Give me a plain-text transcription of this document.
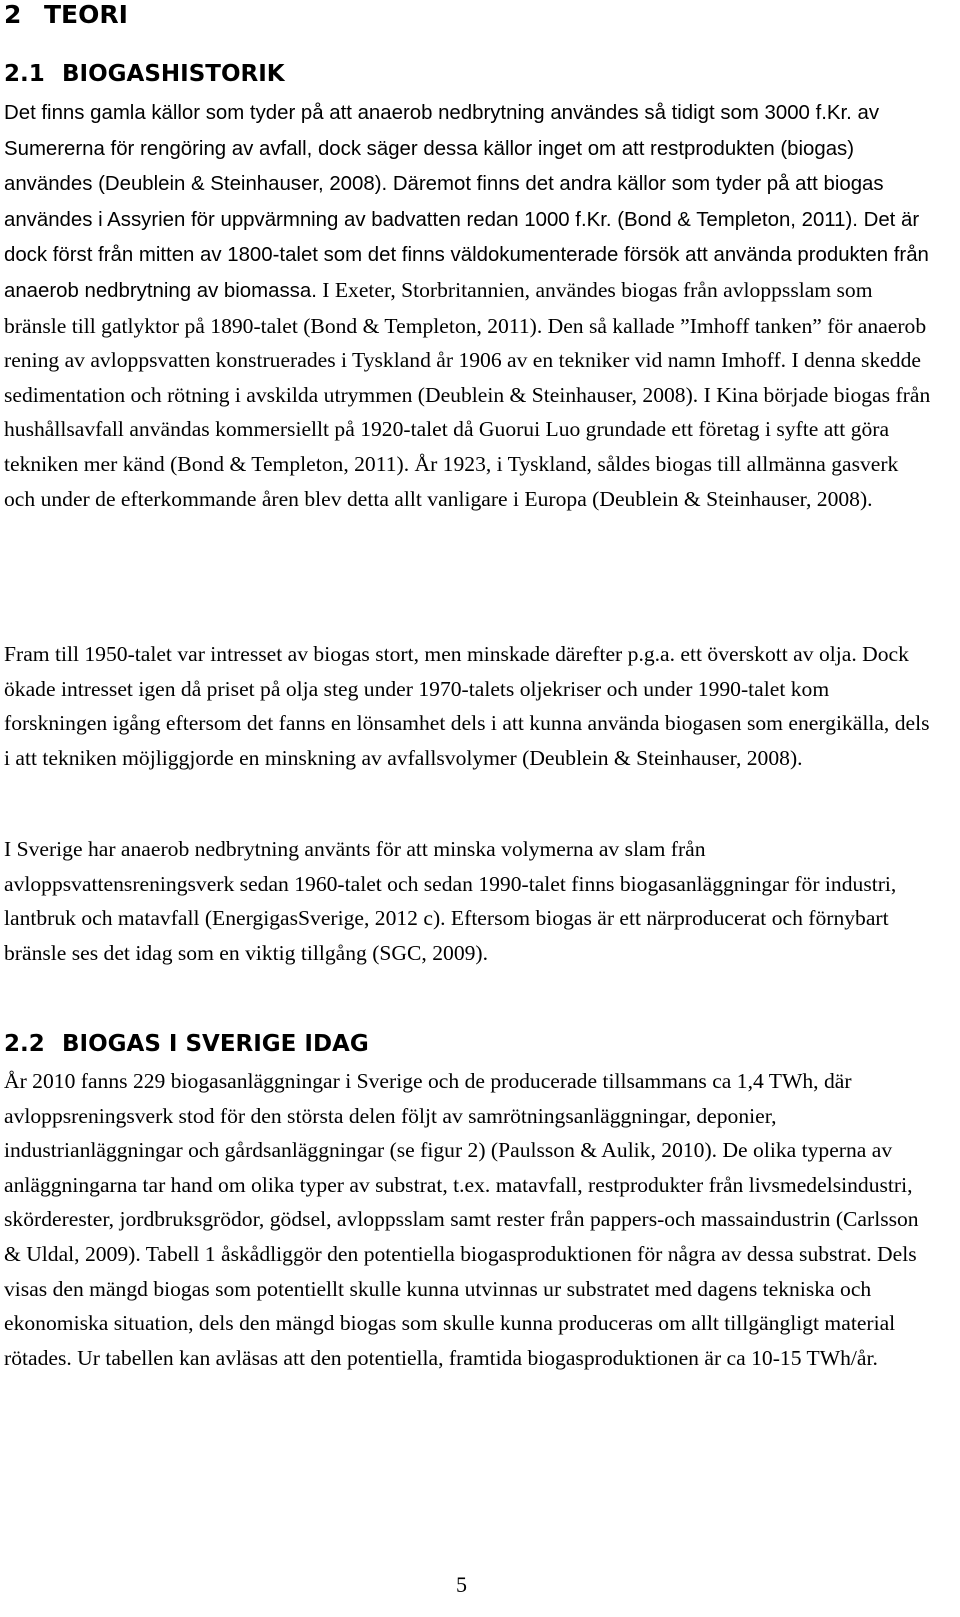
2 TEORI
2.1 BIOGASHISTORIK

Det finns gamla källor som tyder på att anaerob nedbrytning användes så tidigt som 3000 f.Kr. av Sumererna för rengöring av avfall, dock säger dessa källor inget om att restprodukten (biogas) användes (Deublein & Steinhauser, 2008). Däremot finns det andra källor som tyder på att biogas användes i Assyrien för uppvärmning av badvatten redan 1000 f.Kr. (Bond & Templeton, 2011). Det är dock först från mitten av 1800-talet som det finns väldokumenterade försök att använda produkten från anaerob nedbrytning av biomassa. I Exeter, Storbritannien, användes biogas från avloppsslam som bränsle till gatlyktor på 1890-talet (Bond & Templeton, 2011). Den så kallade ”Imhoff tanken” för anaerob rening av avloppsvatten konstruerades i Tyskland år 1906 av en tekniker vid namn Imhoff. I denna skedde sedimentation och rötning i avskilda utrymmen (Deublein & Steinhauser, 2008). I Kina började biogas från hushållsavfall användas kommersiellt på 1920-talet då Guorui Luo grundade ett företag i syfte att göra tekniken mer känd (Bond & Templeton, 2011). År 1923, i Tyskland, såldes biogas till allmänna gasverk och under de efterkommande åren blev detta allt vanligare i Europa (Deublein & Steinhauser, 2008).

Fram till 1950-talet var intresset av biogas stort, men minskade därefter p.g.a. ett överskott av olja. Dock ökade intresset igen då priset på olja steg under 1970-talets oljekriser och under 1990-talet kom forskningen igång eftersom det fanns en lönsamhet dels i att kunna använda biogasen som energikälla, dels i att tekniken möjliggjorde en minskning av avfallsvolymer (Deublein & Steinhauser, 2008).

I Sverige har anaerob nedbrytning använts för att minska volymerna av slam från avloppsvattensreningsverk sedan 1960-talet och sedan 1990-talet finns biogasanläggningar för industri, lantbruk och matavfall (EnergigasSverige, 2012 c). Eftersom biogas är ett närproducerat och förnybart bränsle ses det idag som en viktig tillgång (SGC, 2009).

2.2 BIOGAS I SVERIGE IDAG

År 2010 fanns 229 biogasanläggningar i Sverige och de producerade tillsammans ca 1,4 TWh, där avloppsreningsverk stod för den största delen följt av samrötningsanläggningar, deponier, industrianläggningar och gårdsanläggningar (se figur 2) (Paulsson & Aulik, 2010). De olika typerna av anläggningarna tar hand om olika typer av substrat, t.ex. matavfall, restprodukter från livsmedelsindustri, skörderester, jordbruksgrödor, gödsel, avloppsslam samt rester från pappers-och massaindustrin (Carlsson & Uldal, 2009). Tabell 1 åskådliggör den potentiella biogasproduktionen för några av dessa substrat. Dels visas den mängd biogas som potentiellt skulle kunna utvinnas ur substratet med dagens tekniska och ekonomiska situation, dels den mängd biogas som skulle kunna produceras om allt tillgängligt material rötades. Ur tabellen kan avläsas att den potentiella, framtida biogasproduktionen är ca 10-15 TWh/år.

5
